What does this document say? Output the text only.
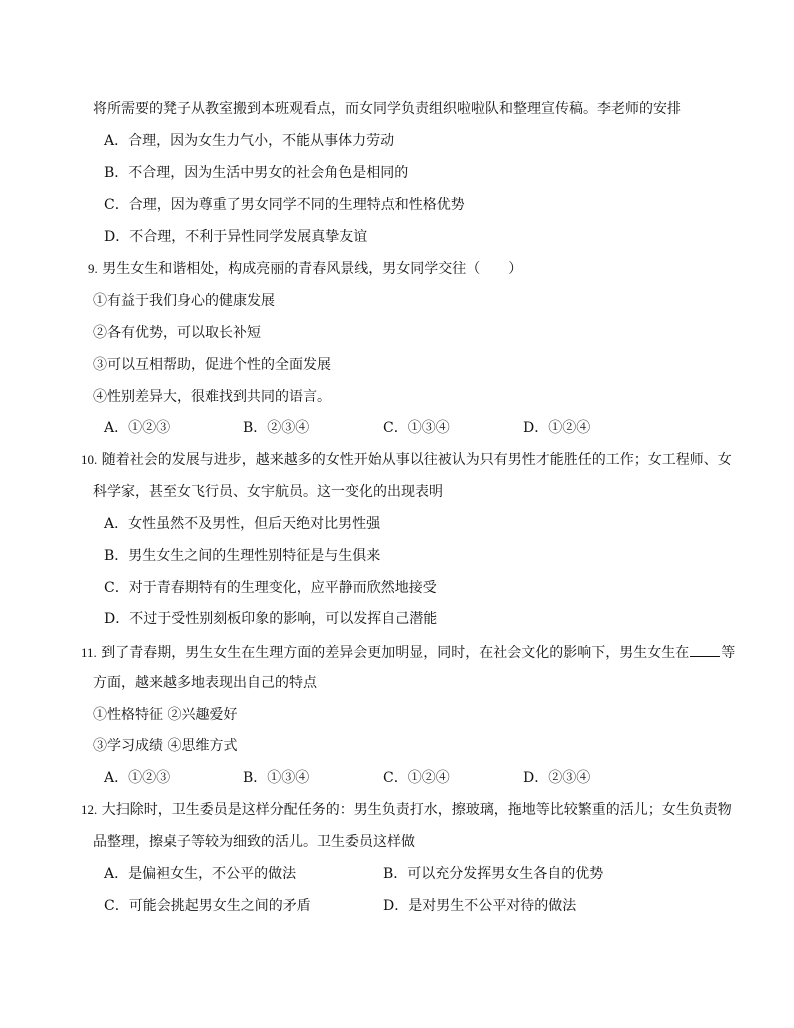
将所需要的凳子从教室搬到本班观看点，而女同学负责组织啦啦队和整理宣传稿。李老师的安排
A．合理，因为女生力气小，不能从事体力劳动
B．不合理，因为生活中男女的社会角色是相同的
C．合理，因为尊重了男女同学不同的生理特点和性格优势
D．不合理，不利于异性同学发展真挚友谊
9. 男生女生和谐相处，构成亮丽的青春风景线，男女同学交往（　　）
①有益于我们身心的健康发展
②各有优势，可以取长补短
③可以互相帮助，促进个性的全面发展
④性别差异大，很难找到共同的语言。
A．①②③	B．②③④	C．①③④	D．①②④
10. 随着社会的发展与进步，越来越多的女性开始从事以往被认为只有男性才能胜任的工作；女工程师、女
科学家，甚至女飞行员、女宇航员。这一变化的出现表明
A．女性虽然不及男性，但后天绝对比男性强
B．男生女生之间的生理性别特征是与生俱来
C．对于青春期特有的生理变化，应平静而欣然地接受
D．不过于受性别刻板印象的影响，可以发挥自己潜能
11. 到了青春期，男生女生在生理方面的差异会更加明显，同时，在社会文化的影响下，男生女生在 等
方面，越来越多地表现出自己的特点
①性格特征 ②兴趣爱好
③学习成绩 ④思维方式
A．①②③	B．①③④	C．①②④	D．②③④
12. 大扫除时，卫生委员是这样分配任务的：男生负责打水，擦玻璃，拖地等比较繁重的活儿；女生负责物
品整理，擦桌子等较为细致的活儿。卫生委员这样做
A．是偏袒女生，不公平的做法	B．可以充分发挥男女生各自的优势
C．可能会挑起男女生之间的矛盾	D．是对男生不公平对待的做法
